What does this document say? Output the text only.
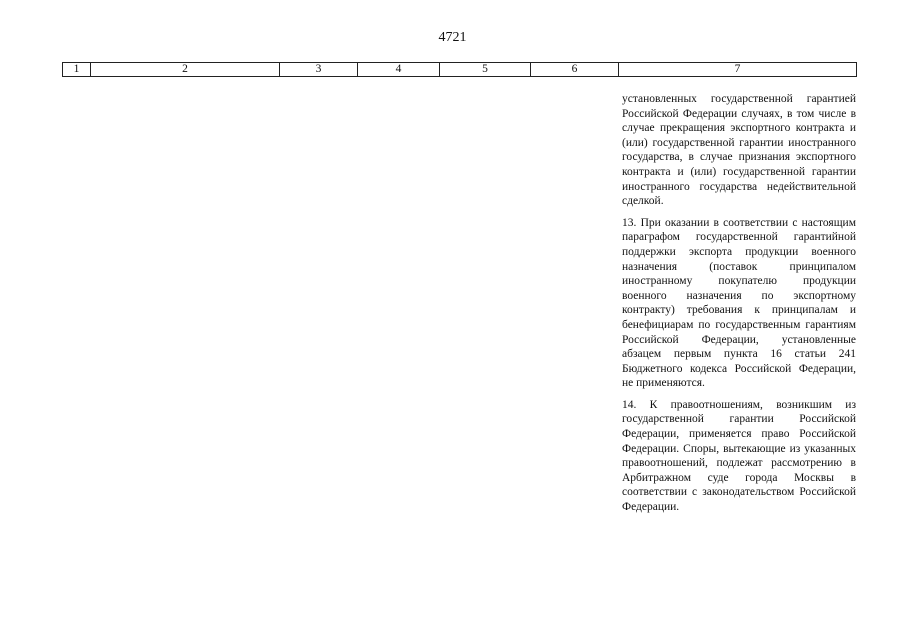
4721
1	2	3	4	5	6	7

установленных государственной гарантией Российской Федерации случаях, в том числе в случае прекращения экспортного контракта и (или) государственной гарантии иностранного государства, в случае признания экспортного контракта и (или) государственной гарантии иностранного государства недействительной сделкой.

13. При оказании в соответствии с настоящим параграфом государственной гарантийной поддержки экспорта продукции военного назначения (поставок принципалом иностранному покупателю продукции военного назначения по экспортному контракту) требования к принципалам и бенефициарам по государственным гарантиям Российской Федерации, установленные абзацем первым пункта 16 статьи 241 Бюджетного кодекса Российской Федерации, не применяются.

14. К правоотношениям, возникшим из государственной гарантии Российской Федерации, применяется право Российской Федерации. Споры, вытекающие из указанных правоотношений, подлежат рассмотрению в Арбитражном суде города Москвы в соответствии с законодательством Российской Федерации.
